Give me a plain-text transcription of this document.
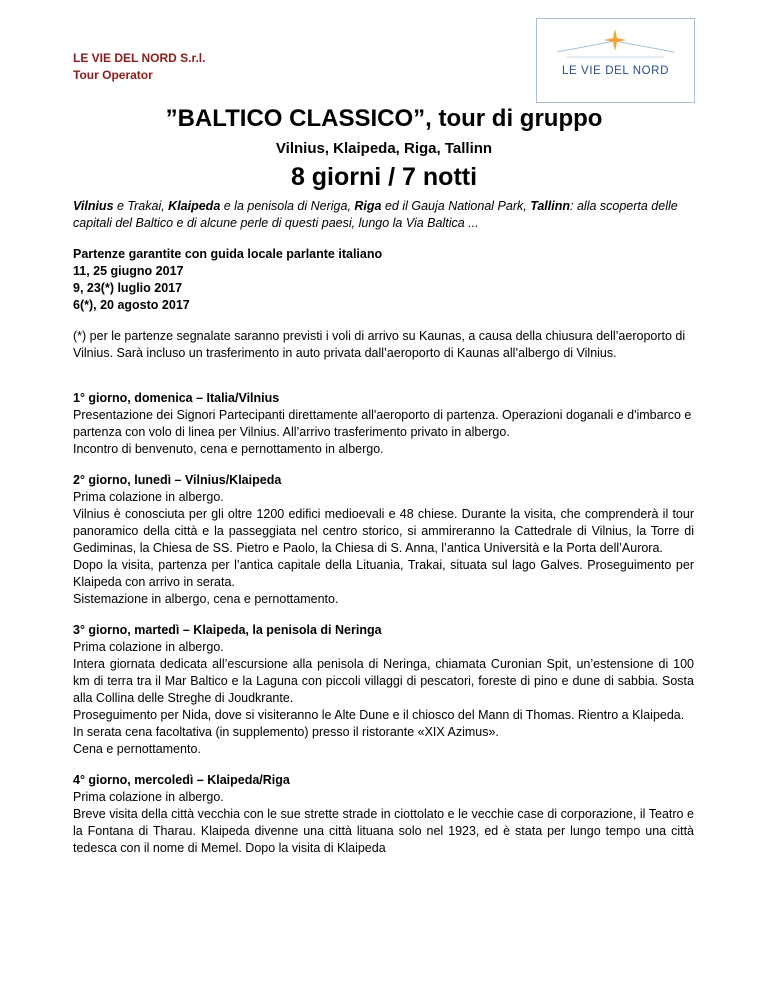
LE VIE DEL NORD S.r.l.
Tour Operator	LE VIE DEL NORD
”BALTICO CLASSICO”, tour di gruppo
Vilnius, Klaipeda, Riga, Tallinn
8 giorni / 7 notti

Vilnius e Trakai, Klaipeda e la penisola di Neriga, Riga ed il Gauja National Park, Tallinn: alla scoperta delle capitali del Baltico e di alcune perle di questi paesi, lungo la Via Baltica ...

Partenze garantite con guida locale parlante italiano
11, 25 giugno 2017
9, 23(*) luglio 2017
6(*), 20 agosto 2017

(*) per le partenze segnalate saranno previsti i voli di arrivo su Kaunas, a causa della chiusura dell’aeroporto di Vilnius. Sarà incluso un trasferimento in auto privata dall’aeroporto di Kaunas all’albergo di Vilnius.

1° giorno, domenica – Italia/Vilnius

Presentazione dei Signori Partecipanti direttamente all'aeroporto di partenza. Operazioni doganali e d'imbarco e partenza con volo di linea per Vilnius. All’arrivo trasferimento privato in albergo.

Incontro di benvenuto, cena e pernottamento in albergo.

2° giorno, lunedì – Vilnius/Klaipeda

Prima colazione in albergo.

Vilnius è conosciuta per gli oltre 1200 edifici medioevali e 48 chiese. Durante la visita, che comprenderà il tour panoramico della città e la passeggiata nel centro storico, si ammireranno la Cattedrale di Vilnius, la Torre di Gediminas, la Chiesa de SS. Pietro e Paolo, la Chiesa di S. Anna, l’antica Università e la Porta dell’Aurora.

Dopo la visita, partenza per l’antica capitale della Lituania, Trakai, situata sul lago Galves. Proseguimento per Klaipeda con arrivo in serata.

Sistemazione in albergo, cena e pernottamento.

3° giorno, martedì – Klaipeda, la penisola di Neringa

Prima colazione in albergo.

Intera giornata dedicata all’escursione alla penisola di Neringa, chiamata Curonian Spit, un’estensione di 100 km di terra tra il Mar Baltico e la Laguna con piccoli villaggi di pescatori, foreste di pino e dune di sabbia. Sosta alla Collina delle Streghe di Joudkrante.

Proseguimento per Nida, dove si visiteranno le Alte Dune e il chiosco del Mann di Thomas. Rientro a Klaipeda.

In serata cena facoltativa (in supplemento) presso il ristorante «XIX Azimus».

Cena e pernottamento.

4° giorno, mercoledì – Klaipeda/Riga

Prima colazione in albergo.

Breve visita della città vecchia con le sue strette strade in ciottolato e le vecchie case di corporazione, il Teatro e la Fontana di Tharau. Klaipeda divenne una città lituana solo nel 1923, ed è stata per lungo tempo una città tedesca con il nome di Memel. Dopo la visita di Klaipeda
